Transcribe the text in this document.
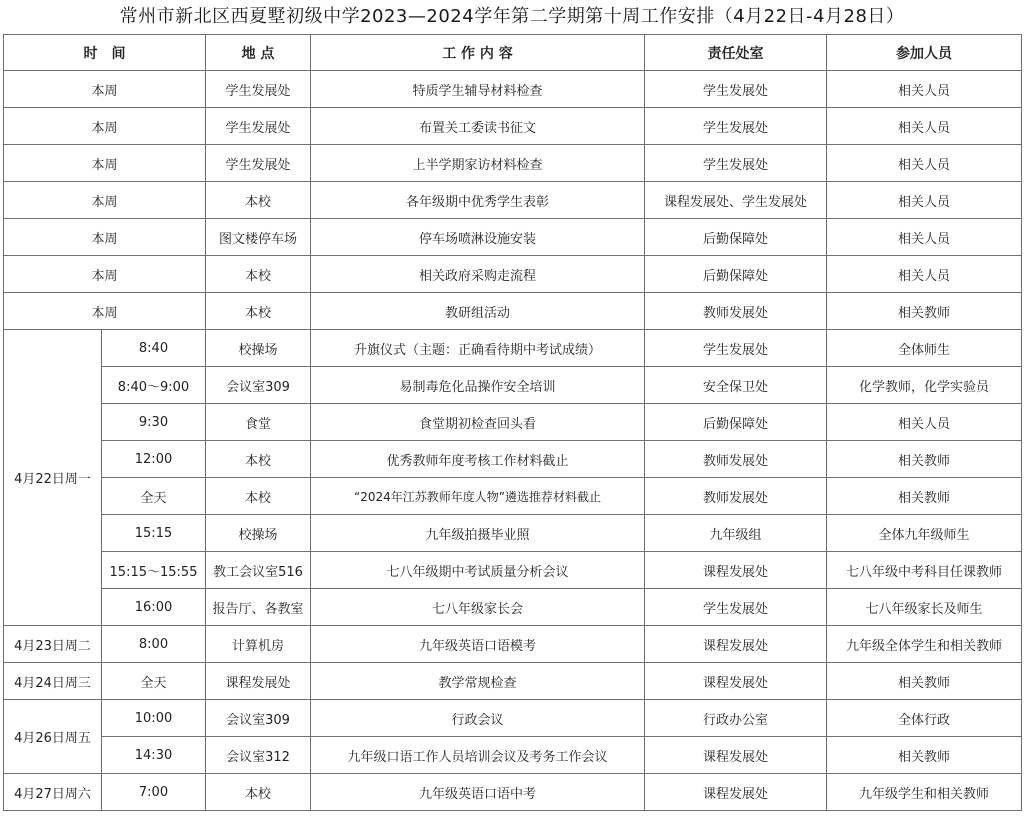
常州市新北区西夏墅初级中学2023—2024学年第二学期第十周工作安排（4月22日-4月28日）
时　间		地 点	工 作 内 容	责任处室	参加人员
本周		学生发展处	特质学生辅导材料检查	学生发展处	相关人员
本周		学生发展处	布置关工委读书征文	学生发展处	相关人员
本周		学生发展处	上半学期家访材料检查	学生发展处	相关人员
本周		本校	各年级期中优秀学生表彰	课程发展处、学生发展处	相关人员
本周		图文楼停车场	停车场喷淋设施安装	后勤保障处	相关人员
本周		本校	相关政府采购走流程	后勤保障处	相关人员
本周		本校	教研组活动	教师发展处	相关教师
4月22日周一	8:40	校操场	升旗仪式（主题：正确看待期中考试成绩）	学生发展处	全体师生
	8:40～9:00	会议室309	易制毒危化品操作安全培训	安全保卫处	化学教师，化学实验员
	9:30	食堂	食堂期初检查回头看	后勤保障处	相关人员
	12:00	本校	优秀教师年度考核工作材料截止	教师发展处	相关教师
	全天	本校	“2024年江苏教师年度人物”遴选推荐材料截止	教师发展处	相关教师
	15:15	校操场	九年级拍摄毕业照	九年级组	全体九年级师生
	15:15～15:55	教工会议室516	七八年级期中考试质量分析会议	课程发展处	七八年级中考科目任课教师
	16:00	报告厅、各教室	七八年级家长会	学生发展处	七八年级家长及师生
4月23日周二	8:00	计算机房	九年级英语口语模考	课程发展处	九年级全体学生和相关教师
4月24日周三	全天	课程发展处	教学常规检查	课程发展处	相关教师
4月26日周五	10:00	会议室309	行政会议	行政办公室	全体行政
	14:30	会议室312	九年级口语工作人员培训会议及考务工作会议	课程发展处	相关教师
4月27日周六	7:00	本校	九年级英语口语中考	课程发展处	九年级学生和相关教师
